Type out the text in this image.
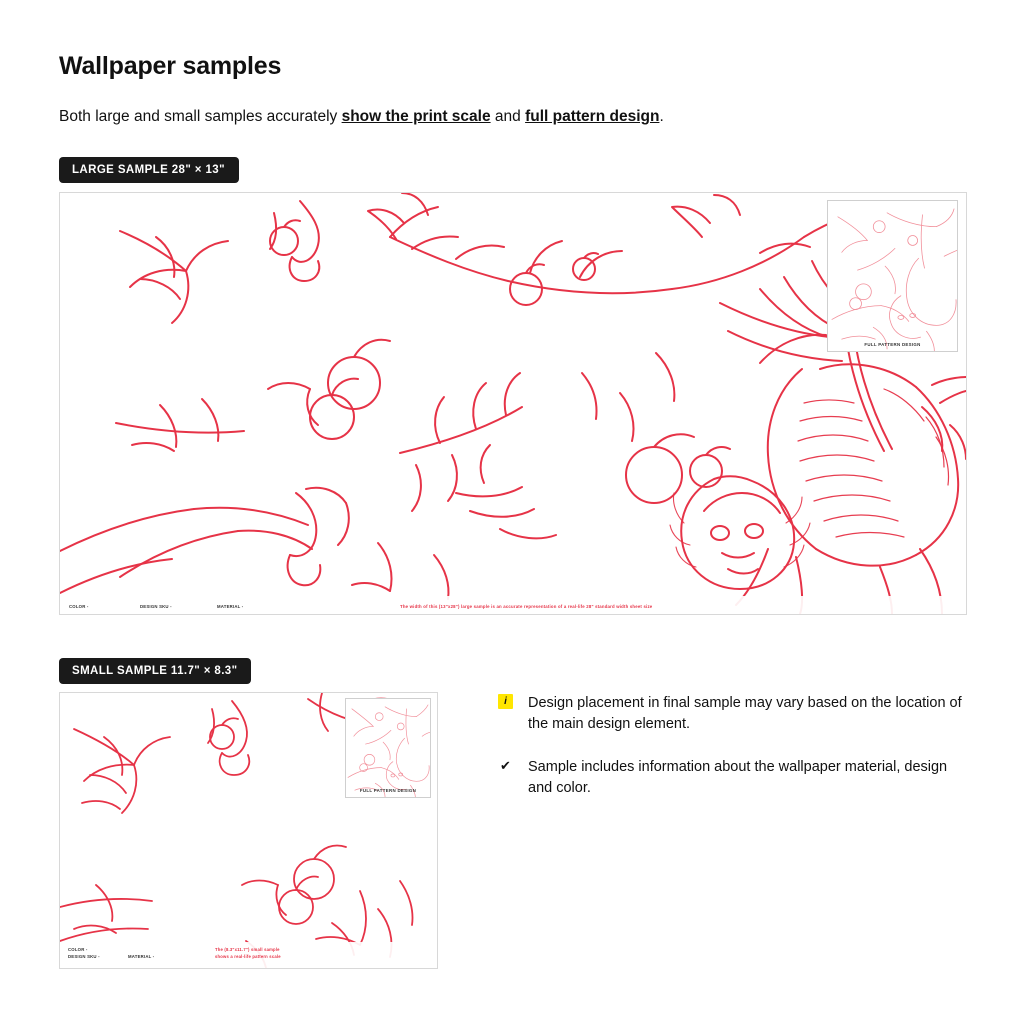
Wallpaper samples
Both large and small samples accurately show the print scale and full pattern design.
LARGE SAMPLE 28" × 13"
FULL PATTERN DESIGN
COLOR -	DESIGN SKU -	MATERIAL -	The width of this (13"x28") large sample is an accurate representation of a real-life 28" standard width sheet size
SMALL SAMPLE 11.7" × 8.3"
FULL PATTERN DESIGN
COLOR -
DESIGN SKU -	MATERIAL -
The (8.3"x11.7") small sample
shows a real-life pattern scale
i	Design placement in final sample may vary based on the location of the main design element.
✔ Sample includes information about the wallpaper material, design and color.
